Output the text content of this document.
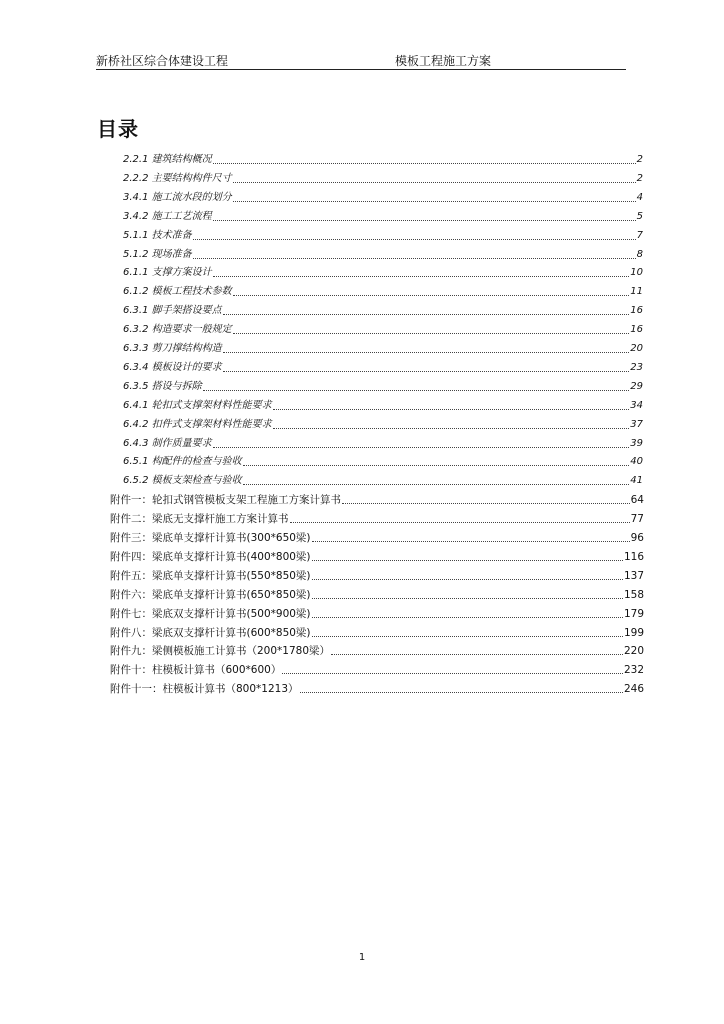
新桥社区综合体建设工程	模板工程施工方案
目录
2.2.1 建筑结构概况	2
2.2.2 主要结构构件尺寸	2
3.4.1 施工流水段的划分	4
3.4.2 施工工艺流程	5
5.1.1 技术准备	7
5.1.2 现场准备	8
6.1.1 支撑方案设计	10
6.1.2 模板工程技术参数	11
6.3.1 脚手架搭设要点	16
6.3.2 构造要求一般规定	16
6.3.3 剪刀撑结构构造	20
6.3.4 模板设计的要求	23
6.3.5 搭设与拆除	29
6.4.1 轮扣式支撑架材料性能要求	34
6.4.2 扣件式支撑架材料性能要求	37
6.4.3 制作质量要求	39
6.5.1 构配件的检查与验收	40
6.5.2 模板支架检查与验收	41
附件一：轮扣式钢管模板支架工程施工方案计算书	64
附件二：梁底无支撑杆施工方案计算书	77
附件三：梁底单支撑杆计算书(300*650梁)	96
附件四：梁底单支撑杆计算书(400*800梁)	116
附件五：梁底单支撑杆计算书(550*850梁)	137
附件六：梁底单支撑杆计算书(650*850梁)	158
附件七：梁底双支撑杆计算书(500*900梁)	179
附件八：梁底双支撑杆计算书(600*850梁)	199
附件九：梁侧模板施工计算书（200*1780梁）	220
附件十：柱模板计算书（600*600）	232
附件十一：柱模板计算书（800*1213）	246
1
